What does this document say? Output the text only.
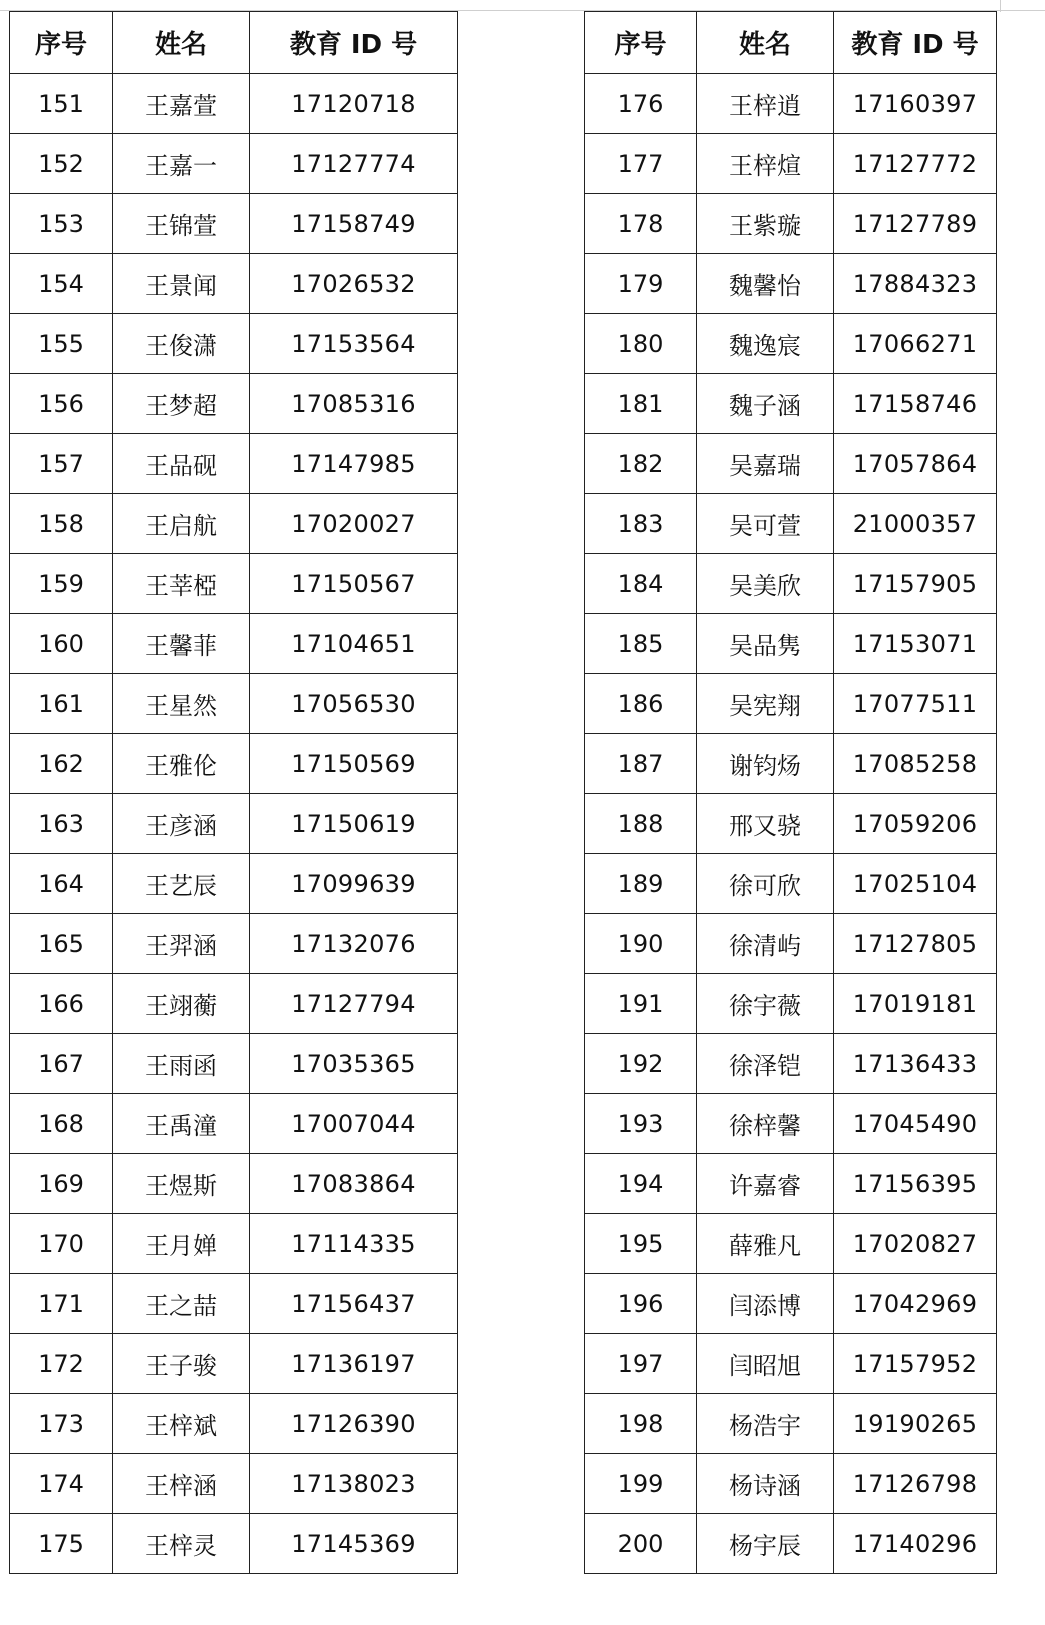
序号	姓名	教育 ID 号
151	王嘉萱	17120718
152	王嘉一	17127774
153	王锦萱	17158749
154	王景闻	17026532
155	王俊潇	17153564
156	王梦超	17085316
157	王品砚	17147985
158	王启航	17020027
159	王莘椏	17150567
160	王馨菲	17104651
161	王星然	17056530
162	王雅伦	17150569
163	王彦涵	17150619
164	王艺辰	17099639
165	王羿涵	17132076
166	王翊蘅	17127794
167	王雨函	17035365
168	王禹潼	17007044
169	王煜斯	17083864
170	王月婵	17114335
171	王之喆	17156437
172	王子骏	17136197
173	王梓斌	17126390
174	王梓涵	17138023
175	王梓灵	17145369
序号	姓名	教育 ID 号
176	王梓逍	17160397
177	王梓煊	17127772
178	王紫璇	17127789
179	魏馨怡	17884323
180	魏逸宸	17066271
181	魏子涵	17158746
182	吴嘉瑞	17057864
183	吴可萱	21000357
184	吴美欣	17157905
185	吴品隽	17153071
186	吴宪翔	17077511
187	谢钧炀	17085258
188	邢又骁	17059206
189	徐可欣	17025104
190	徐清屿	17127805
191	徐宇薇	17019181
192	徐泽铠	17136433
193	徐梓馨	17045490
194	许嘉睿	17156395
195	薛雅凡	17020827
196	闫添博	17042969
197	闫昭旭	17157952
198	杨浩宇	19190265
199	杨诗涵	17126798
200	杨宇辰	17140296
